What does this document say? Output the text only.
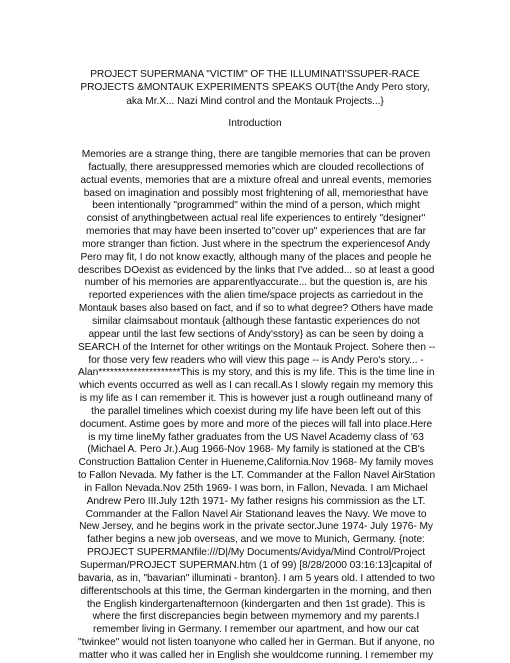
PROJECT SUPERMANA "VICTIM" OF THE ILLUMINATI'SSUPER-RACE
PROJECTS &MONTAUK EXPERIMENTS SPEAKS OUT{the Andy Pero story,
aka Mr.X... Nazi Mind control and the Montauk Projects...}
Introduction

Memories are a strange thing, there are tangible memories that can be proven
factually, there aresuppressed memories which are clouded recollections of
actual events, memories that are a mixture ofreal and unreal events, memories
based on imagination and possibly most frightening of all, memoriesthat have
been intentionally "programmed" within the mind of a person, which might
consist of anythingbetween actual real life experiences to entirely "designer"
memories that may have been inserted to"cover up" experiences that are far
more stranger than fiction. Just where in the spectrum the experiencesof Andy
Pero may fit, I do not know exactly, although many of the places and people he
describes DOexist as evidenced by the links that I've added... so at least a good
number of his memories are apparentlyaccurate... but the question is, are his
reported experiences with the alien time/space projects as carriedout in the
Montauk bases also based on fact, and if so to what degree? Others have made
similar claimsabout montauk {although these fantastic experiences do not
appear until the last few sections of Andy'sstory} as can be seen by doing a
SEARCH of the Internet for other writings on the Montauk Project. Sohere then --
for those very few readers who will view this page -- is Andy Pero's story... -
Alan*********************This is my story, and this is my life. This is the time line in
which events occurred as well as I can recall.As I slowly regain my memory this
is my life as I can remember it. This is however just a rough outlineand many of
the parallel timelines which coexist during my life have been left out of this
document. Astime goes by more and more of the pieces will fall into place.Here
is my time lineMy father graduates from the US Navel Academy class of '63
(Michael A. Pero Jr.).Aug 1966-Nov 1968- My family is stationed at the CB's
Construction Battalion Center in Hueneme,California.Nov 1968- My family moves
to Fallon Nevada. My father is the LT. Commander at the Fallon Navel AirStation
in Fallon Nevada.Nov 25th 1969- I was born, in Fallon, Nevada. I am Michael
Andrew Pero III.July 12th 1971- My father resigns his commission as the LT.
Commander at the Fallon Navel Air Stationand leaves the Navy. We move to
New Jersey, and he begins work in the private sector.June 1974- July 1976- My
father begins a new job overseas, and we move to Munich, Germany. {note:
PROJECT SUPERMANfile:///D|/My Documents/Avidya/Mind Control/Project
Superman/PROJECT SUPERMAN.htm (1 of 99) [8/28/2000 03:16:13]capital of
bavaria, as in, "bavarian" illuminati - branton}. I am 5 years old. I attended to two
differentschools at this time, the German kindergarten in the morning, and then
the English kindergartenafternoon (kindergarten and then 1st grade). This is
where the first discrepancies begin between mymemory and my parents.I
remember living in Germany. I remember our apartment, and how our cat
"twinkee" would not listen toanyone who called her in German. But if anyone, no
matter who it was called her in English she wouldcome running. I remember my
